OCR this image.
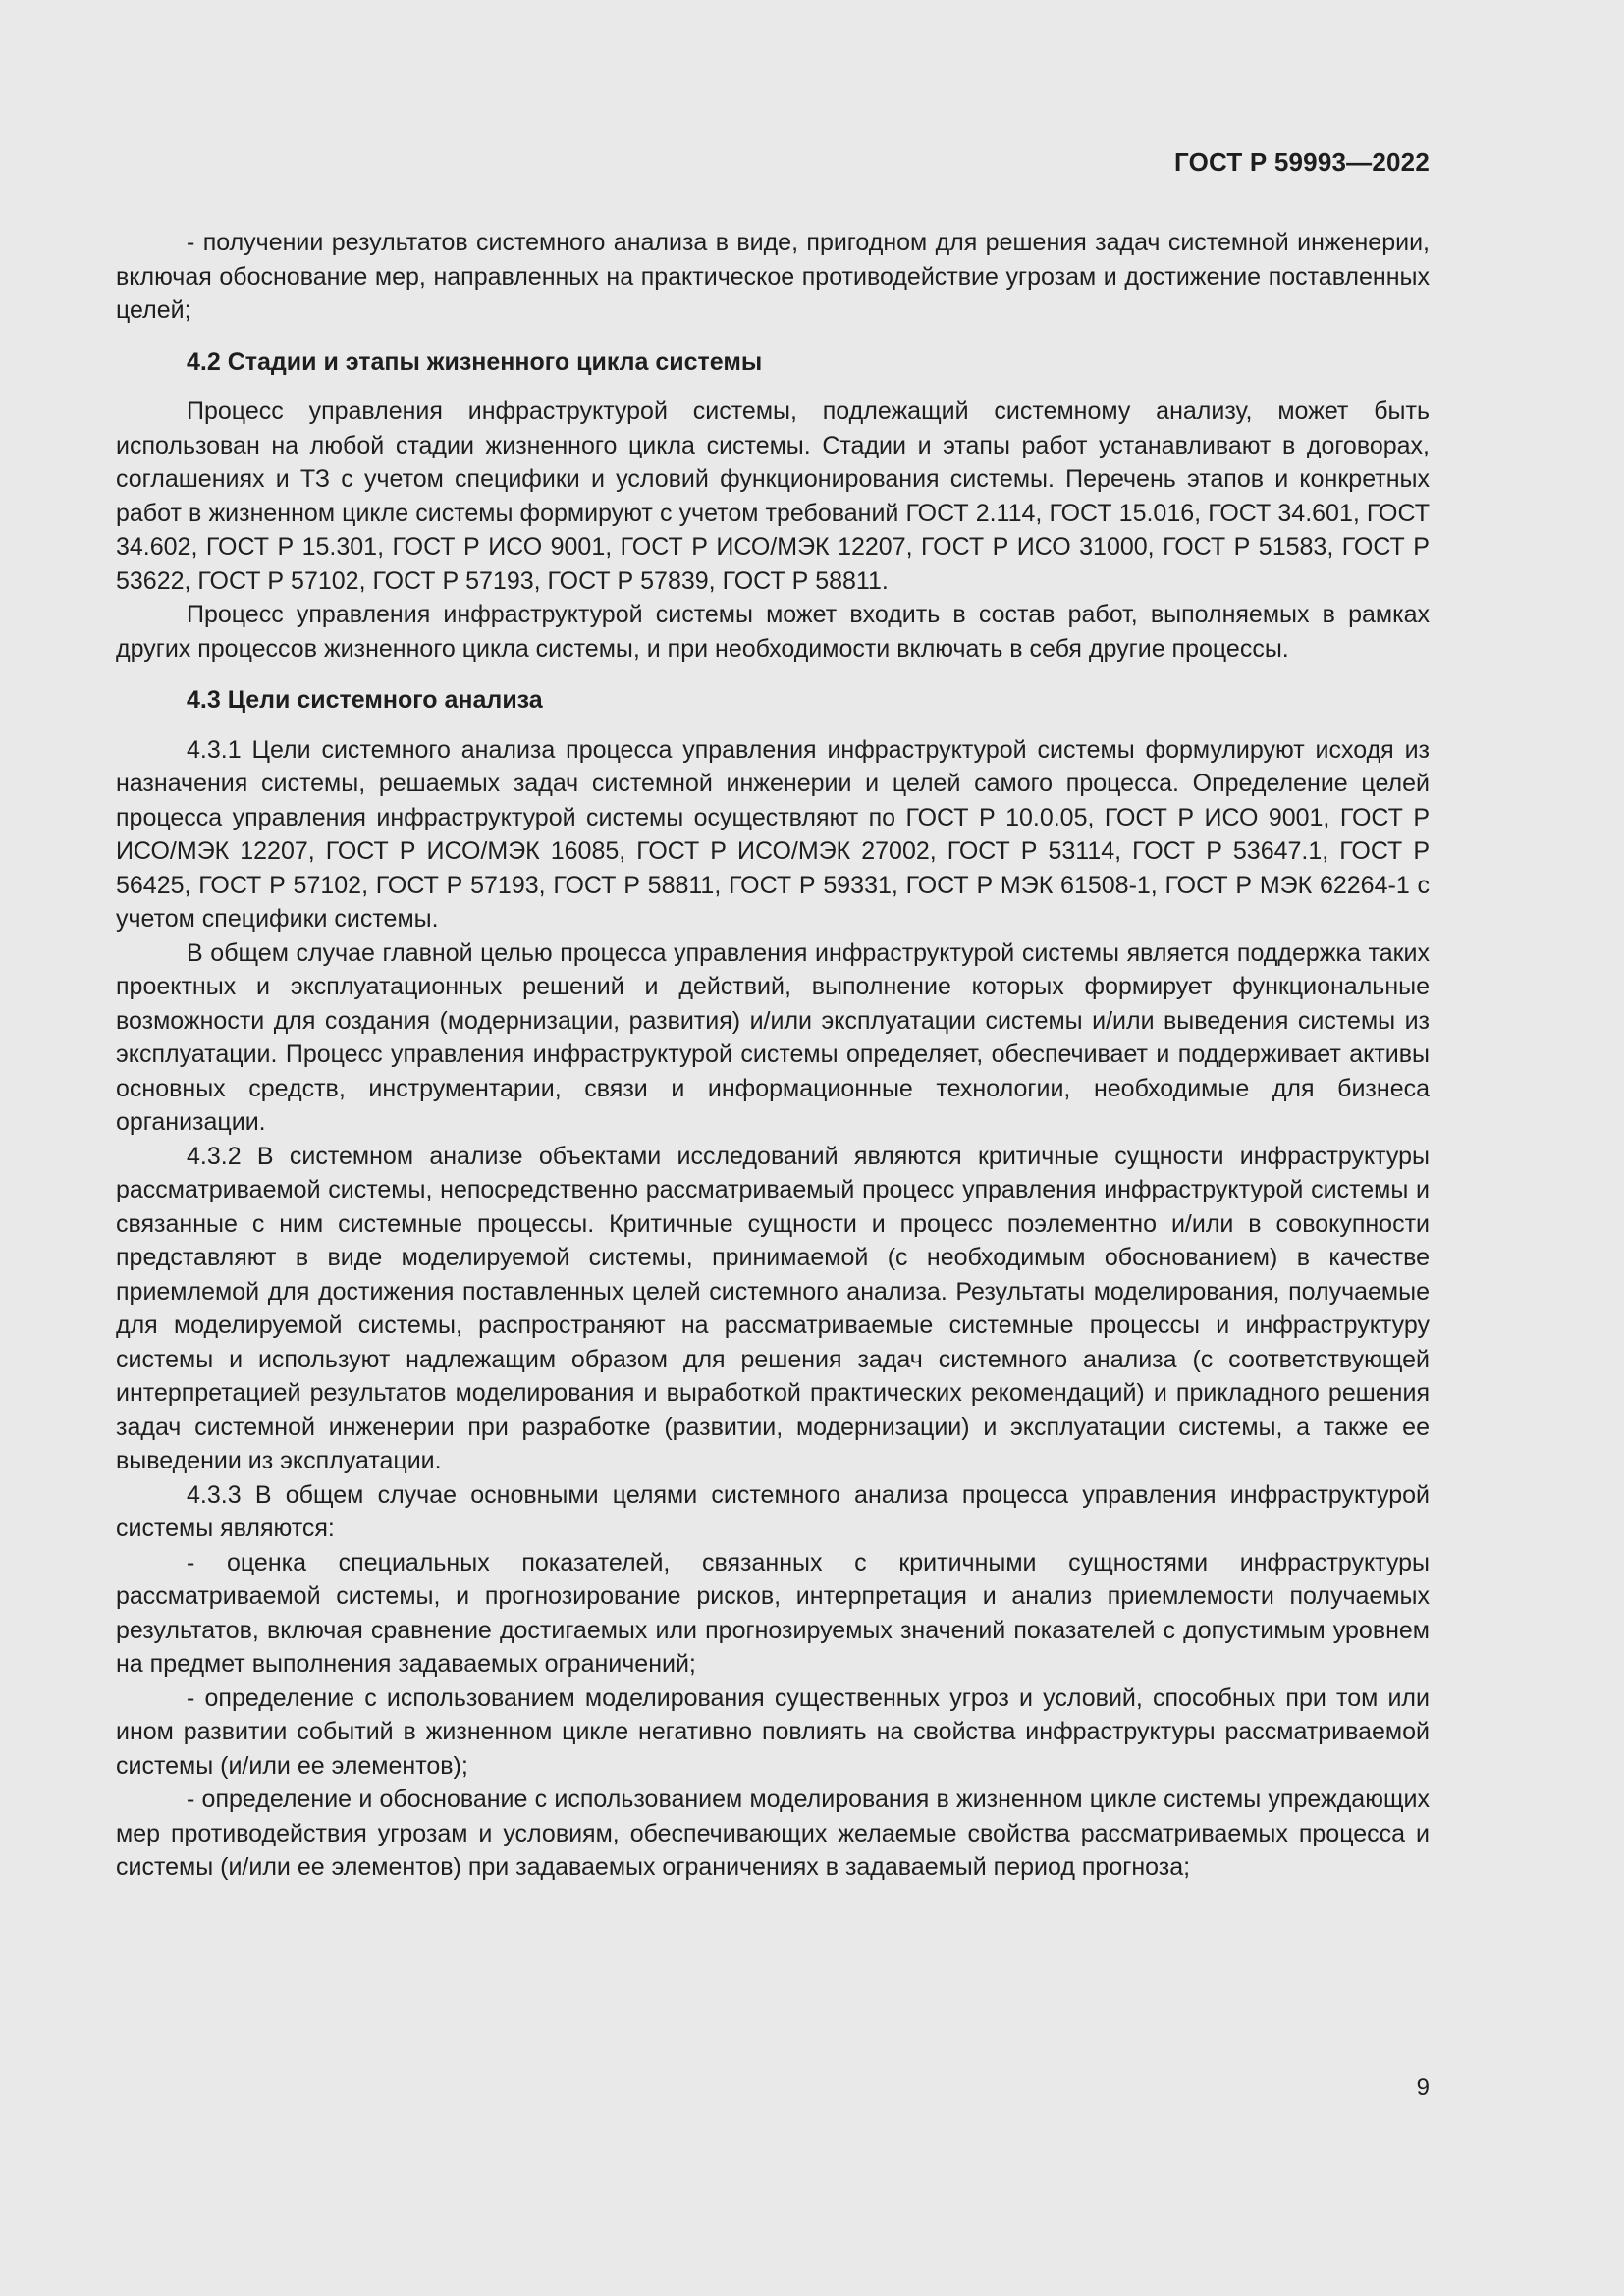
ГОСТ Р 59993—2022

- получении результатов системного анализа в виде, пригодном для решения задач системной инженерии, включая обоснование мер, направленных на практическое противодействие угрозам и достижение поставленных целей;

4.2 Стадии и этапы жизненного цикла системы

Процесс управления инфраструктурой системы, подлежащий системному анализу, может быть использован на любой стадии жизненного цикла системы. Стадии и этапы работ устанавливают в договорах, соглашениях и ТЗ с учетом специфики и условий функционирования системы. Перечень этапов и конкретных работ в жизненном цикле системы формируют с учетом требований ГОСТ 2.114, ГОСТ 15.016, ГОСТ 34.601, ГОСТ 34.602, ГОСТ Р 15.301, ГОСТ Р ИСО 9001, ГОСТ Р ИСО/МЭК 12207, ГОСТ Р ИСО 31000, ГОСТ Р 51583, ГОСТ Р 53622, ГОСТ Р 57102, ГОСТ Р 57193, ГОСТ Р 57839, ГОСТ Р 58811.

Процесс управления инфраструктурой системы может входить в состав работ, выполняемых в рамках других процессов жизненного цикла системы, и при необходимости включать в себя другие процессы.

4.3 Цели системного анализа

4.3.1 Цели системного анализа процесса управления инфраструктурой системы формулируют исходя из назначения системы, решаемых задач системной инженерии и целей самого процесса. Определение целей процесса управления инфраструктурой системы осуществляют по ГОСТ Р 10.0.05, ГОСТ Р ИСО 9001, ГОСТ Р ИСО/МЭК 12207, ГОСТ Р ИСО/МЭК 16085, ГОСТ Р ИСО/МЭК 27002, ГОСТ Р 53114, ГОСТ Р 53647.1, ГОСТ Р 56425, ГОСТ Р 57102, ГОСТ Р 57193, ГОСТ Р 58811, ГОСТ Р 59331, ГОСТ Р МЭК 61508-1, ГОСТ Р МЭК 62264-1 с учетом специфики системы.

В общем случае главной целью процесса управления инфраструктурой системы является поддержка таких проектных и эксплуатационных решений и действий, выполнение которых формирует функциональные возможности для создания (модернизации, развития) и/или эксплуатации системы и/или выведения системы из эксплуатации. Процесс управления инфраструктурой системы определяет, обеспечивает и поддерживает активы основных средств, инструментарии, связи и информационные технологии, необходимые для бизнеса организации.

4.3.2 В системном анализе объектами исследований являются критичные сущности инфраструктуры рассматриваемой системы, непосредственно рассматриваемый процесс управления инфраструктурой системы и связанные с ним системные процессы. Критичные сущности и процесс поэлементно и/или в совокупности представляют в виде моделируемой системы, принимаемой (с необходимым обоснованием) в качестве приемлемой для достижения поставленных целей системного анализа. Результаты моделирования, получаемые для моделируемой системы, распространяют на рассматриваемые системные процессы и инфраструктуру системы и используют надлежащим образом для решения задач системного анализа (с соответствующей интерпретацией результатов моделирования и выработкой практических рекомендаций) и прикладного решения задач системной инженерии при разработке (развитии, модернизации) и эксплуатации системы, а также ее выведении из эксплуатации.

4.3.3 В общем случае основными целями системного анализа процесса управления инфраструктурой системы являются:

- оценка специальных показателей, связанных с критичными сущностями инфраструктуры рассматриваемой системы, и прогнозирование рисков, интерпретация и анализ приемлемости получаемых результатов, включая сравнение достигаемых или прогнозируемых значений показателей с допустимым уровнем на предмет выполнения задаваемых ограничений;

- определение с использованием моделирования существенных угроз и условий, способных при том или ином развитии событий в жизненном цикле негативно повлиять на свойства инфраструктуры рассматриваемой системы (и/или ее элементов);

- определение и обоснование с использованием моделирования в жизненном цикле системы упреждающих мер противодействия угрозам и условиям, обеспечивающих желаемые свойства рассматриваемых процесса и системы (и/или ее элементов) при задаваемых ограничениях в задаваемый период прогноза;

9
